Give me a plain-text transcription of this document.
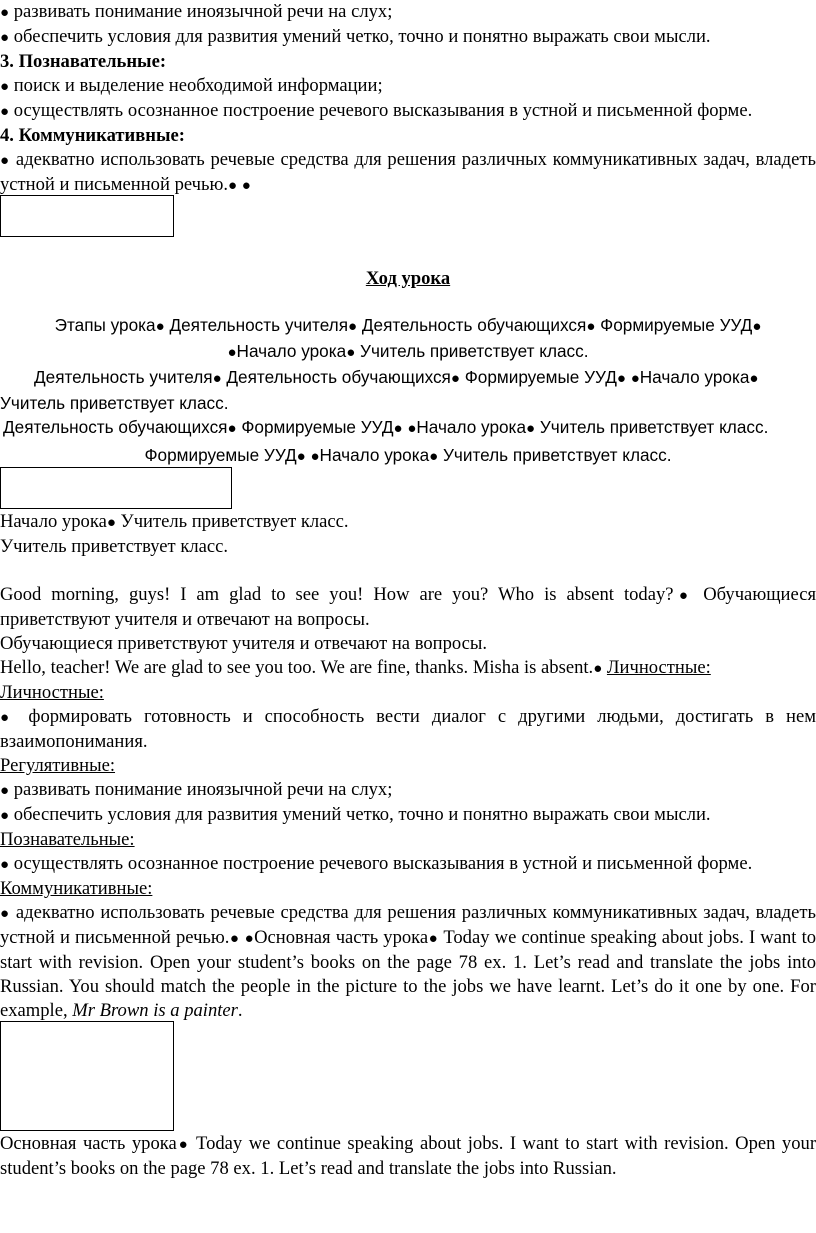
● развивать понимание иноязычной речи на слух;

● обеспечить условия для развития умений четко, точно и понятно выражать свои мысли.

3. Познавательные:

● поиск и выделение необходимой информации;

● осуществлять осознанное построение речевого высказывания в устной и письменной форме.

4. Коммуникативные:

● адекватно использовать речевые средства для решения различных коммуникативных задач, владеть устной и письменной речью.● ●

Ход урока

Этапы урока● Деятельность учителя● Деятельность обучающихся● Формируемые УУД● ●Начало урока● Учитель приветствует класс.

Деятельность учителя● Деятельность обучающихся● Формируемые УУД● ●Начало урока● Учитель приветствует класс.

Деятельность обучающихся● Формируемые УУД● ●Начало урока● Учитель приветствует класс.

Формируемые УУД● ●Начало урока● Учитель приветствует класс.

Начало урока● Учитель приветствует класс.

Учитель приветствует класс.

Good morning, guys! I am glad to see you! How are you? Who is absent today?● Обучающиеся приветствуют учителя и отвечают на вопросы.

Обучающиеся приветствуют учителя и отвечают на вопросы.

Hello, teacher! We are glad to see you too. We are fine, thanks. Misha is absent.● Личностные:

Личностные:

● формировать готовность и способность вести диалог с другими людьми, достигать в нем взаимопонимания.

Регулятивные:

● развивать понимание иноязычной речи на слух;

● обеспечить условия для развития умений четко, точно и понятно выражать свои мысли.

Познавательные:

● осуществлять осознанное построение речевого высказывания в устной и письменной форме.

Коммуникативные:

● адекватно использовать речевые средства для решения различных коммуникативных задач, владеть устной и письменной речью.● ●Основная часть урока● Today we continue speaking about jobs. I want to start with revision. Open your student’s books on the page 78 ex. 1. Let’s read and translate the jobs into Russian. You should match the people in the picture to the jobs we have learnt. Let’s do it one by one. For example, Mr Brown is a painter.

Основная часть урока● Today we continue speaking about jobs. I want to start with revision. Open your student’s books on the page 78 ex. 1. Let’s read and translate the jobs into Russian.
